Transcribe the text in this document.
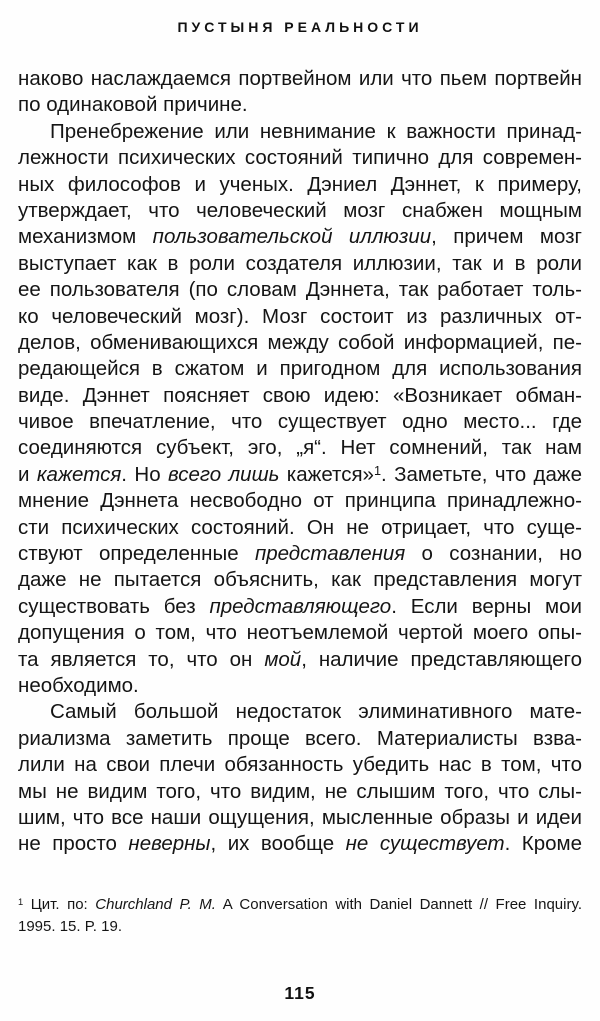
ПУСТЫНЯ РЕАЛЬНОСТИ
наково наслаждаемся портвейном или что пьем портвейн
по одинаковой причине.
Пренебрежение или невнимание к важности принад-
лежности психических состояний типично для современ-
ных философов и ученых. Дэниел Дэннет, к примеру,
утверждает, что человеческий мозг снабжен мощным
механизмом пользовательской иллюзии, причем мозг
выступает как в роли создателя иллюзии, так и в роли
ее пользователя (по словам Дэннета, так работает толь-
ко человеческий мозг). Мозг состоит из различных от-
делов, обменивающихся между собой информацией, пе-
редающейся в сжатом и пригодном для использования
виде. Дэннет поясняет свою идею: «Возникает обман-
чивое впечатление, что существует одно место... где
соединяются субъект, эго, „я“. Нет сомнений, так нам
и кажется. Но всего лишь кажется»1. Заметьте, что даже
мнение Дэннета несвободно от принципа принадлежно-
сти психических состояний. Он не отрицает, что суще-
ствуют определенные представления о сознании, но
даже не пытается объяснить, как представления могут
существовать без представляющего. Если верны мои
допущения о том, что неотъемлемой чертой моего опы-
та является то, что он мой, наличие представляющего
необходимо.
Самый большой недостаток элиминативного мате-
риализма заметить проще всего. Материалисты взва-
лили на свои плечи обязанность убедить нас в том, что
мы не видим того, что видим, не слышим того, что слы-
шим, что все наши ощущения, мысленные образы и идеи
не просто неверны, их вообще не существует. Кроме
1 Цит. по: Churchland P. M. A Conversation with Daniel Dannett // Free Inquiry.
1995. 15. P. 19.
115
